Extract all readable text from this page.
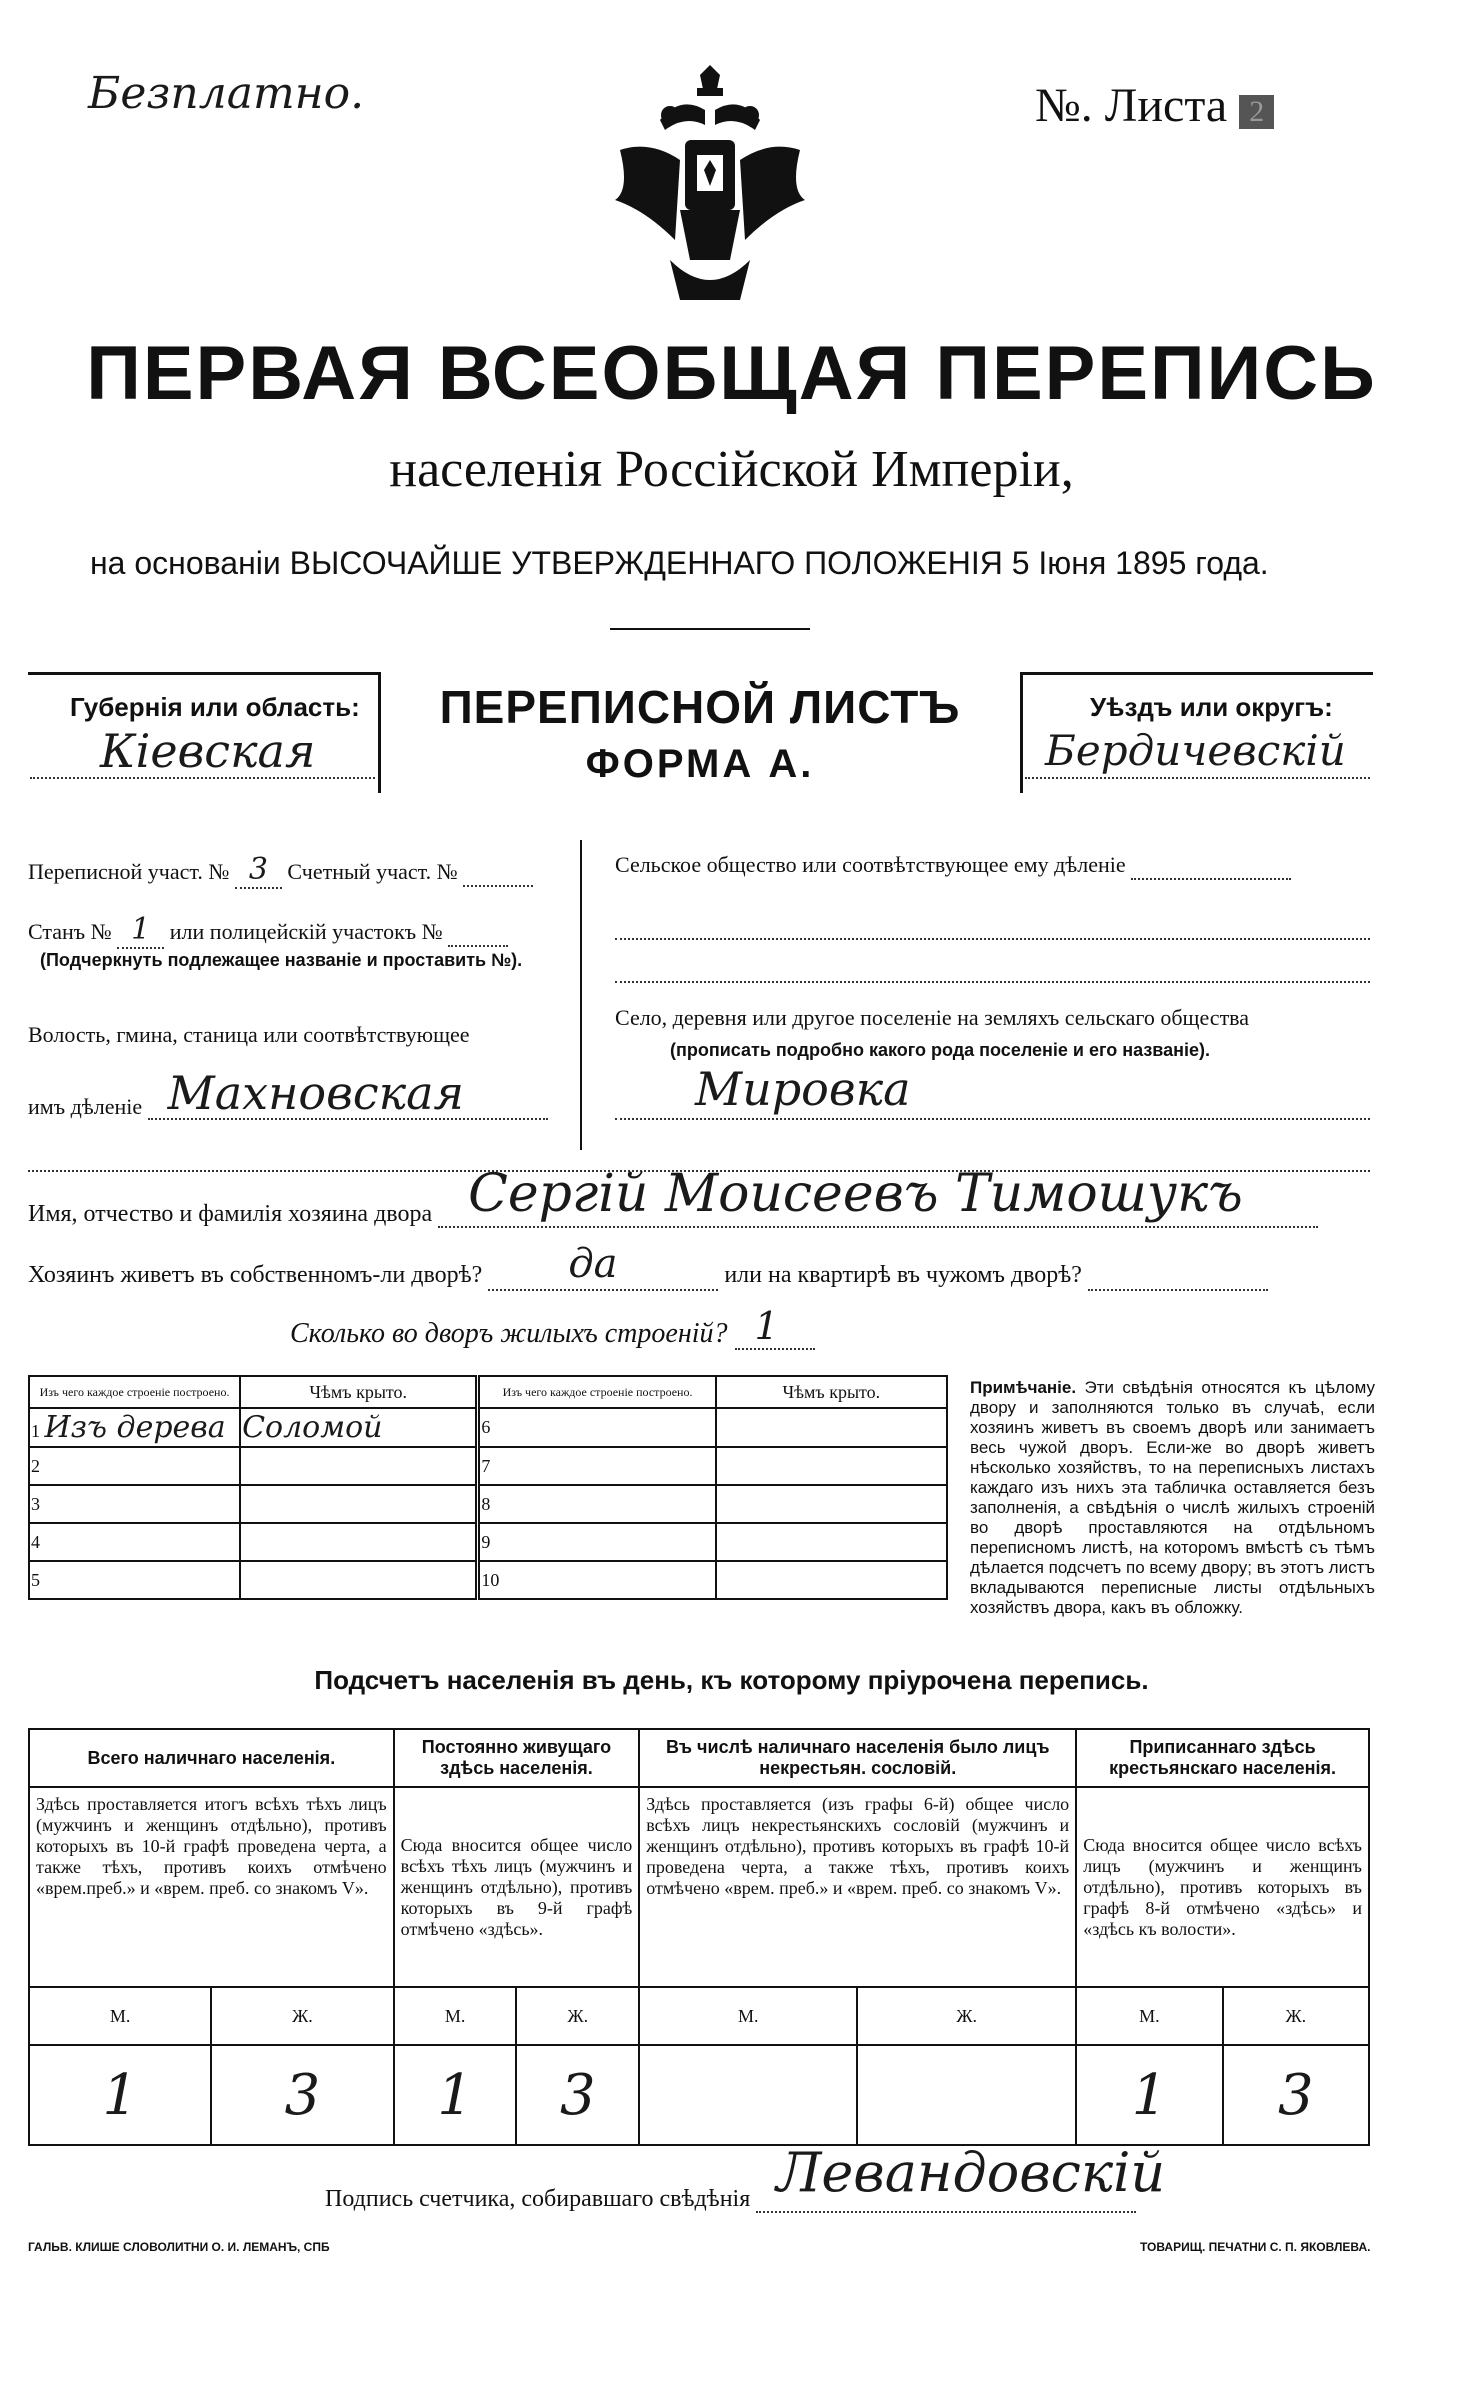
Безплатно.	№. Листа 2
ПЕРВАЯ ВСЕОБЩАЯ ПЕРЕПИСЬ
населенія Россійской Имперіи,
на основаніи ВЫСОЧАЙШЕ УТВЕРЖДЕННАГО ПОЛОЖЕНІЯ 5 Іюня 1895 года.
Губернія или область:
Кіевская
ПЕРЕПИСНОЙ ЛИСТЪ
ФОРМА А.
Уѣздъ или округъ:
Бердичевскій
Переписной участ. № 3 Счетный участ. №
Станъ № 1 или полицейскій участокъ №
(Подчеркнуть подлежащее названіе и проставить №).
Волость, гмина, станица или соотвѣтствующее
имъ дѣленіе Махновская
Сельское общество или соотвѣтствующее ему дѣленіе
Село, деревня или другое поселеніе на земляхъ сельскаго общества
(прописать подробно какого рода поселеніе и его названіе).
Мировка
Имя, отчество и фамилія хозяина двора Сергій Моисеевъ Тимошукъ
Хозяинъ живетъ въ собственномъ-ли дворѣ? да	или на квартирѣ въ чужомъ дворѣ?
Сколько во дворъ жилыхъ строеній? 1
Изъ чего каждое строеніе построено.	Чѣмъ крыто.	Изъ чего каждое строеніе построено.	Чѣмъ крыто.
1 Изъ дерева	Соломой	6	
2		7	
3		8	
4		9	
5		10	
Примѣчаніе. Эти свѣдѣнія относятся къ цѣлому двору и заполняются только въ случаѣ, если хозяинъ живетъ въ своемъ дворѣ или занимаетъ весь чужой дворъ. Если-же во дворѣ живетъ нѣсколько хозяйствъ, то на переписныхъ листахъ каждаго изъ нихъ эта табличка оставляется безъ заполненія, а свѣдѣнія о числѣ жилыхъ строеній во дворѣ проставляются на отдѣльномъ переписномъ листѣ, на которомъ вмѣстѣ съ тѣмъ дѣлается подсчетъ по всему двору; въ этотъ листъ вкладываются переписные листы отдѣльныхъ хозяйствъ двора, какъ въ обложку.
Подсчетъ населенія въ день, къ которому пріурочена перепись.
Всего наличнаго населенія.		Постоянно живущаго здѣсь населенія.		Въ числѣ наличнаго населенія было лицъ некрестьян. сословій.		Приписаннаго здѣсь крестьянскаго населенія.	
Здѣсь проставляется итогъ всѣхъ тѣхъ лицъ (мужчинъ и женщинъ отдѣльно), противъ которыхъ въ 10-й графѣ проведена черта, а также тѣхъ, противъ коихъ отмѣчено «врем.преб.» и «врем. преб. со знакомъ V».		Сюда вносится общее число всѣхъ тѣхъ лицъ (мужчинъ и женщинъ отдѣльно), противъ которыхъ въ 9-й графѣ отмѣчено «здѣсь».		Здѣсь проставляется (изъ графы 6-й) общее число всѣхъ лицъ некрестьянскихъ сословій (мужчинъ и женщинъ отдѣльно), противъ которыхъ въ графѣ 10-й проведена черта, а также тѣхъ, противъ коихъ отмѣчено «врем. преб.» и «врем. преб. со знакомъ V».		Сюда вносится общее число всѣхъ лицъ (мужчинъ и женщинъ отдѣльно), противъ которыхъ въ графѣ 8-й отмѣчено «здѣсь» и «здѣсь къ волости».	
М.	Ж.	М.	Ж.	М.	Ж.	М.	Ж.
1	3	1	3			1	3
Подпись счетчика, собиравшаго свѣдѣнія Левандовскій
ГАЛЬВ. КЛИШЕ СЛОВОЛИТНИ О. И. ЛЕМАНЪ, СПБ	ТОВАРИЩ. ПЕЧАТНИ С. П. ЯКОВЛЕВА.
